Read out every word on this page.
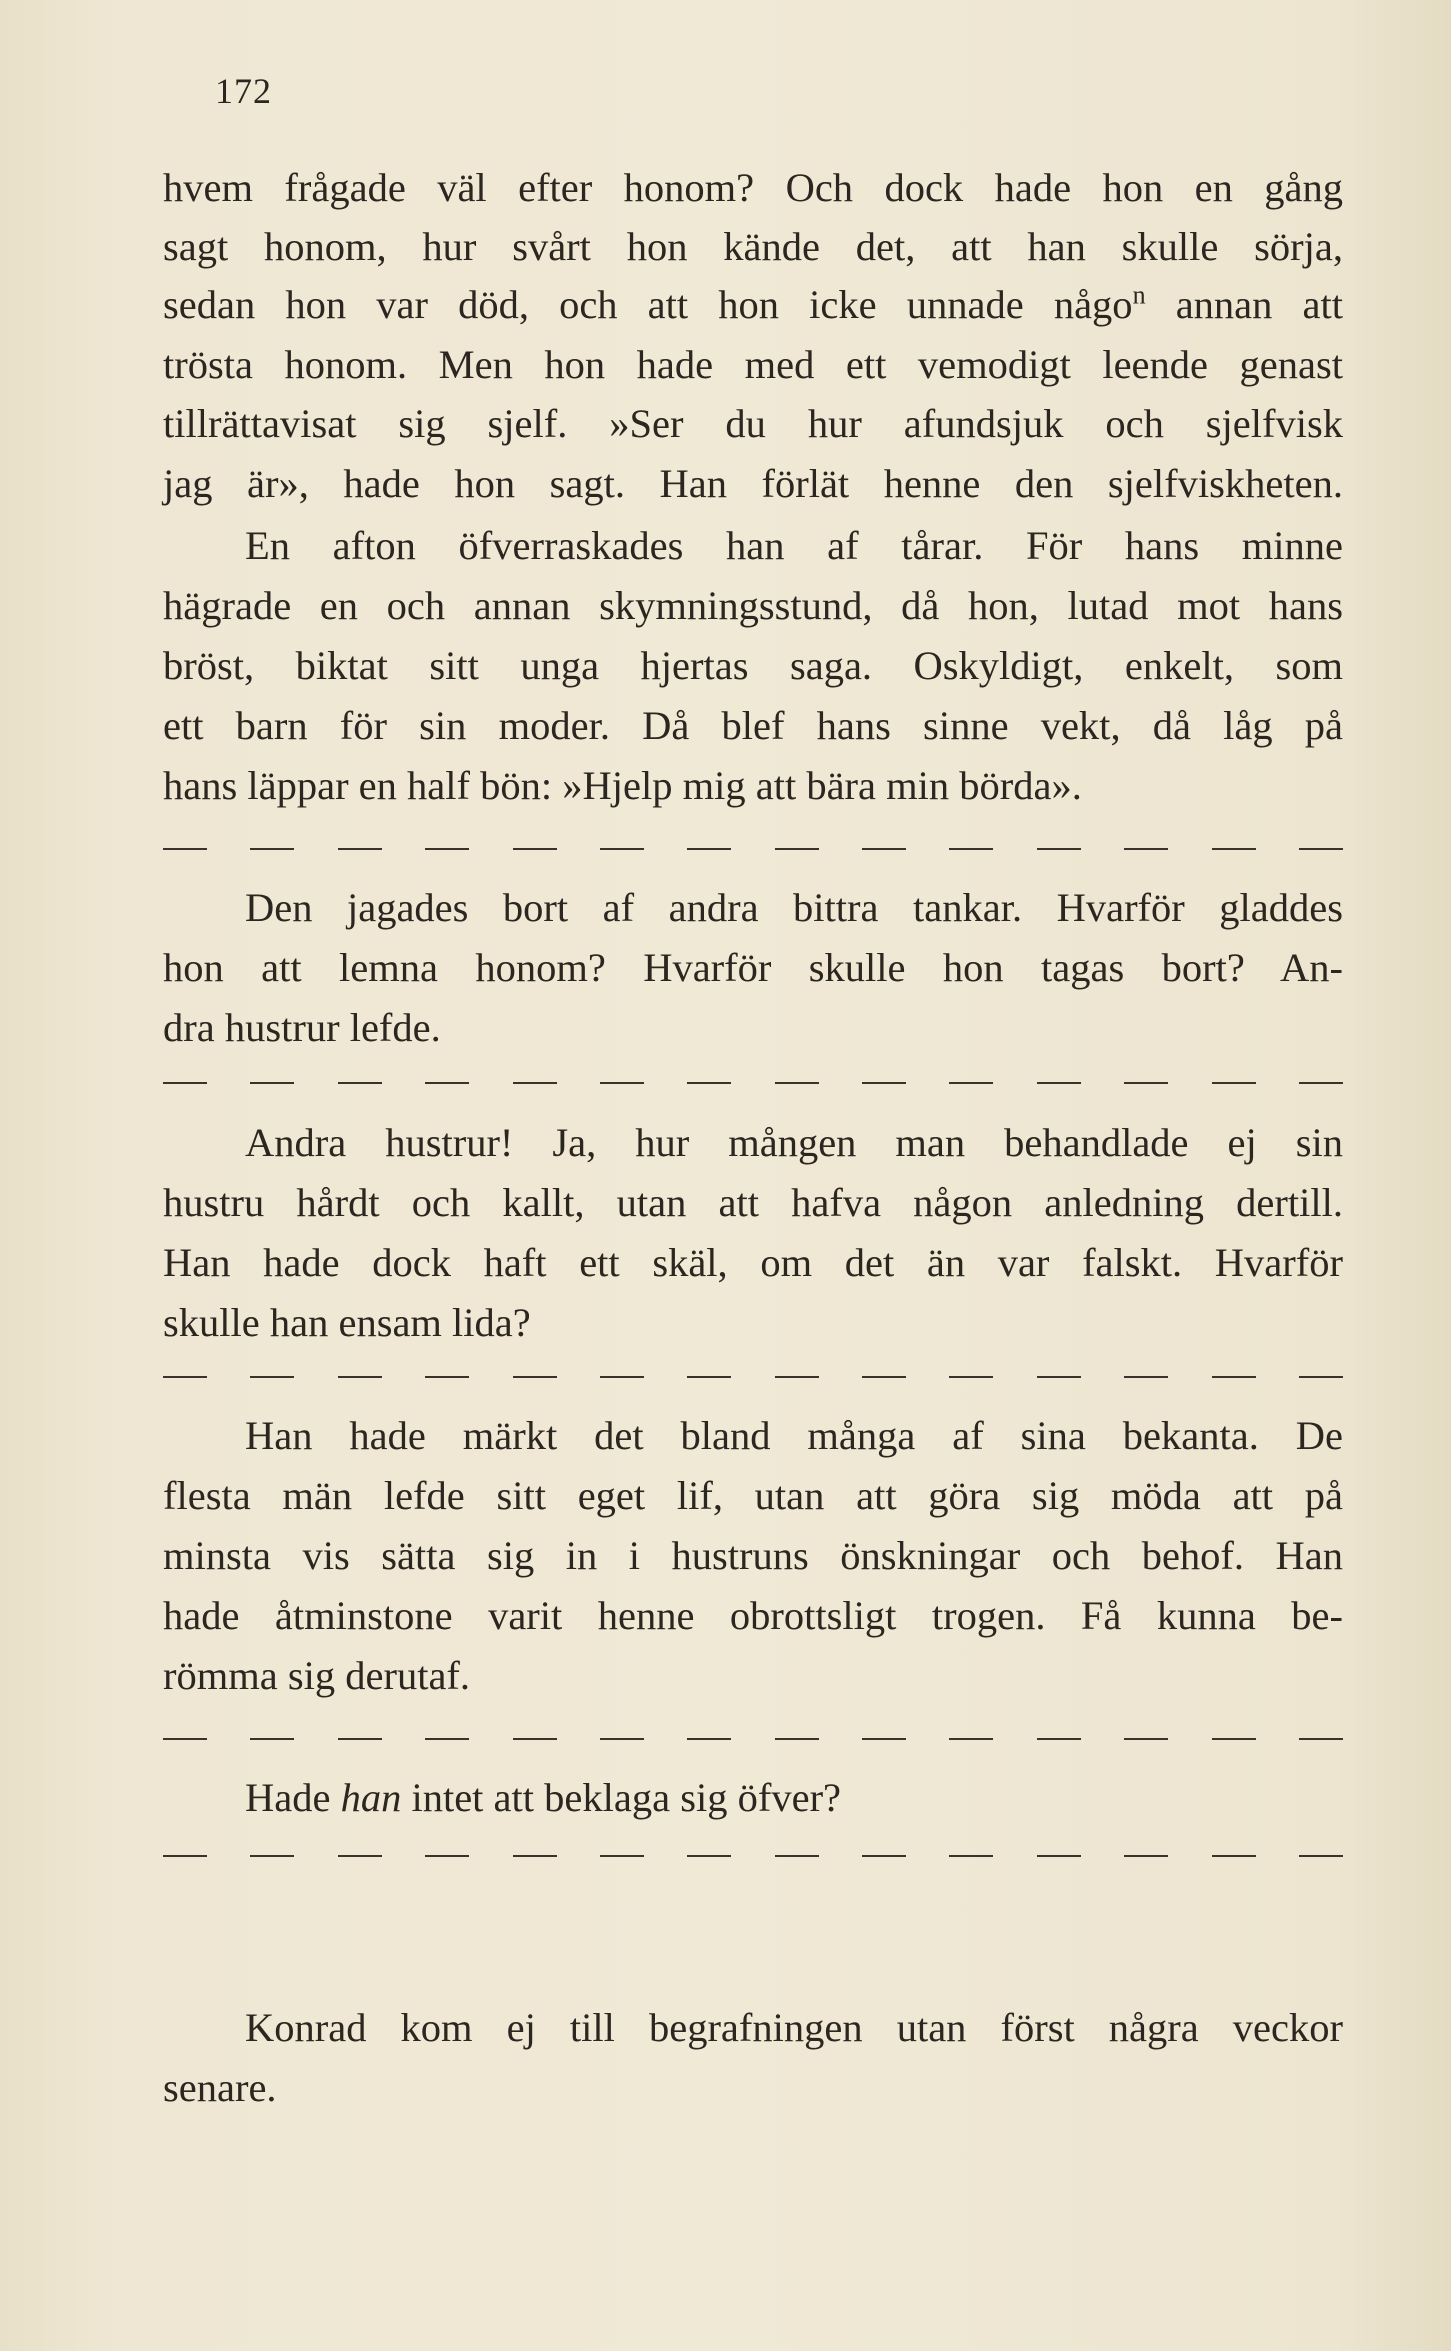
172
hvem frågade väl efter honom? Och dock hade hon en gång
sagt honom, hur svårt hon kände det, att han skulle sörja,
sedan hon var död, och att hon icke unnade någo$^n$ annan att
trösta honom. Men hon hade med ett vemodigt leende genast
tillrättavisat sig sjelf. »Ser du hur afundsjuk och sjelfvisk
jag är», hade hon sagt. Han förlät henne den sjelfviskheten.
En afton öfverraskades han af tårar. För hans minne
hägrade en och annan skymningsstund, då hon, lutad mot hans
bröst, biktat sitt unga hjertas saga. Oskyldigt, enkelt, som
ett barn för sin moder. Då blef hans sinne vekt, då låg på
hans läppar en half bön: »Hjelp mig att bära min börda».
Den jagades bort af andra bittra tankar. Hvarför gladdes
hon att lemna honom? Hvarför skulle hon tagas bort? An-
dra hustrur lefde.
Andra hustrur! Ja, hur mången man behandlade ej sin
hustru hårdt och kallt, utan att hafva någon anledning dertill.
Han hade dock haft ett skäl, om det än var falskt. Hvarför
skulle han ensam lida?
Han hade märkt det bland många af sina bekanta. De
flesta män lefde sitt eget lif, utan att göra sig möda att på
minsta vis sätta sig in i hustruns önskningar och behof. Han
hade åtminstone varit henne obrottsligt trogen. Få kunna be-
römma sig derutaf.
Hade han intet att beklaga sig öfver?
Konrad kom ej till begrafningen utan först några veckor
senare.
